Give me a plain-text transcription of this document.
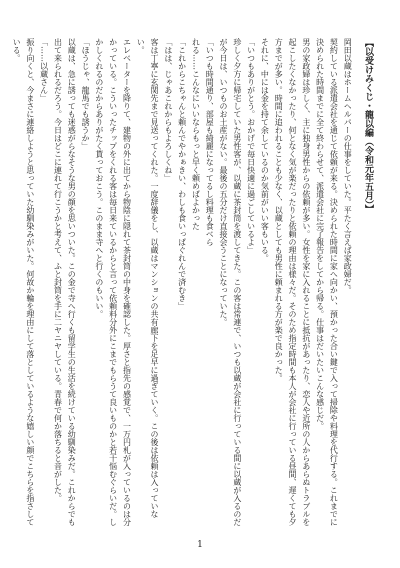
【以受けみくじ・龍以編（令和元年五月）】

岡田以蔵はホームヘルパーの仕事をしていた。平たく言えば家政婦だ。

契約している派遣会社を通じて依頼が来る。決められた時間に家へ向かい、預かった合い鍵で入って掃除や料理を代行する。これまでに決められた時間までに全て終わらせて、派遣会社に完了報告をしてから帰る。仕事はだいたいこんな感じだ。

男の家政婦は珍しく、主に独身男性からの依頼が多い。女性を家に入れることに抵抗があったり、恋人や近所の人からあらぬトラブルを起こしたくなかったり、何となく気が楽だったりと依頼の理由は様々だ。そのため指定時間も本人が会社に行っている昼間、遅くても夕方までが多い。時間に追われることも少なく、以蔵としても男性に頼まれる方が楽で良かった。

それに、中には金を持て余しているのか気前がいい客もいる。

「いつもありがとう。おかげで毎日快適に過ごしているよ」

珍しく夕方に帰宅していた男性客が、以蔵に茶封筒を渡してきた。この客は常連で、いつも以蔵が会社に行っている間に以蔵が入るのだが今日は、いつものお土産がない。最後の五分だけ直接会うことになっていた。

「いつも時間通り、部屋も綺麗になってるし料理も食べら

れる……こんなにいいならもっと早く頼めばよかった

「これからこちゃんと頼んでやかぁきい、わしも食いっぱぐれんで済むき」

「はは、じゃあこれからもよろしくね」

客は丁寧に玄関先まで見送ってくれた。一度辞儀をし、以蔵はマンションの共有廊下を足早に過ぎていく。この後は依頼は入っていない。

エレベーターを降りて、建物の外に出てから物陰に隠れて茶封筒の中身を確認した。厚さと指先の感覚で、一万円札が入っているのは分かっている。こういったチップをくれる客は毎日来ているからと言って依頼料分外にこまでもらうて良いものかと若干悩むぐらいだ。しかしくれるのだからありがたく貰っておこう。このまま寺へと行くのもいい。

「ほうじゃ、龍馬でも誘うか」

以蔵は、急に誘っても迷惑がらなそうな男の顔を思いついた。この金で寺へ行くも留学生の生活を続けている幼馴染みだ。これからでも出て来られるだろう。今日はどこに連れて行こうかと考えて、ふと封筒を手に二ヤニヤしている。青春で何か落ちると音がした。

「……以蔵さん」

振り向くと、今まさに連絡しようと思っていた幼馴染みがいた。何故か輪を理由にして落としているような嬉しい顔でこちらを指さしている。

1
